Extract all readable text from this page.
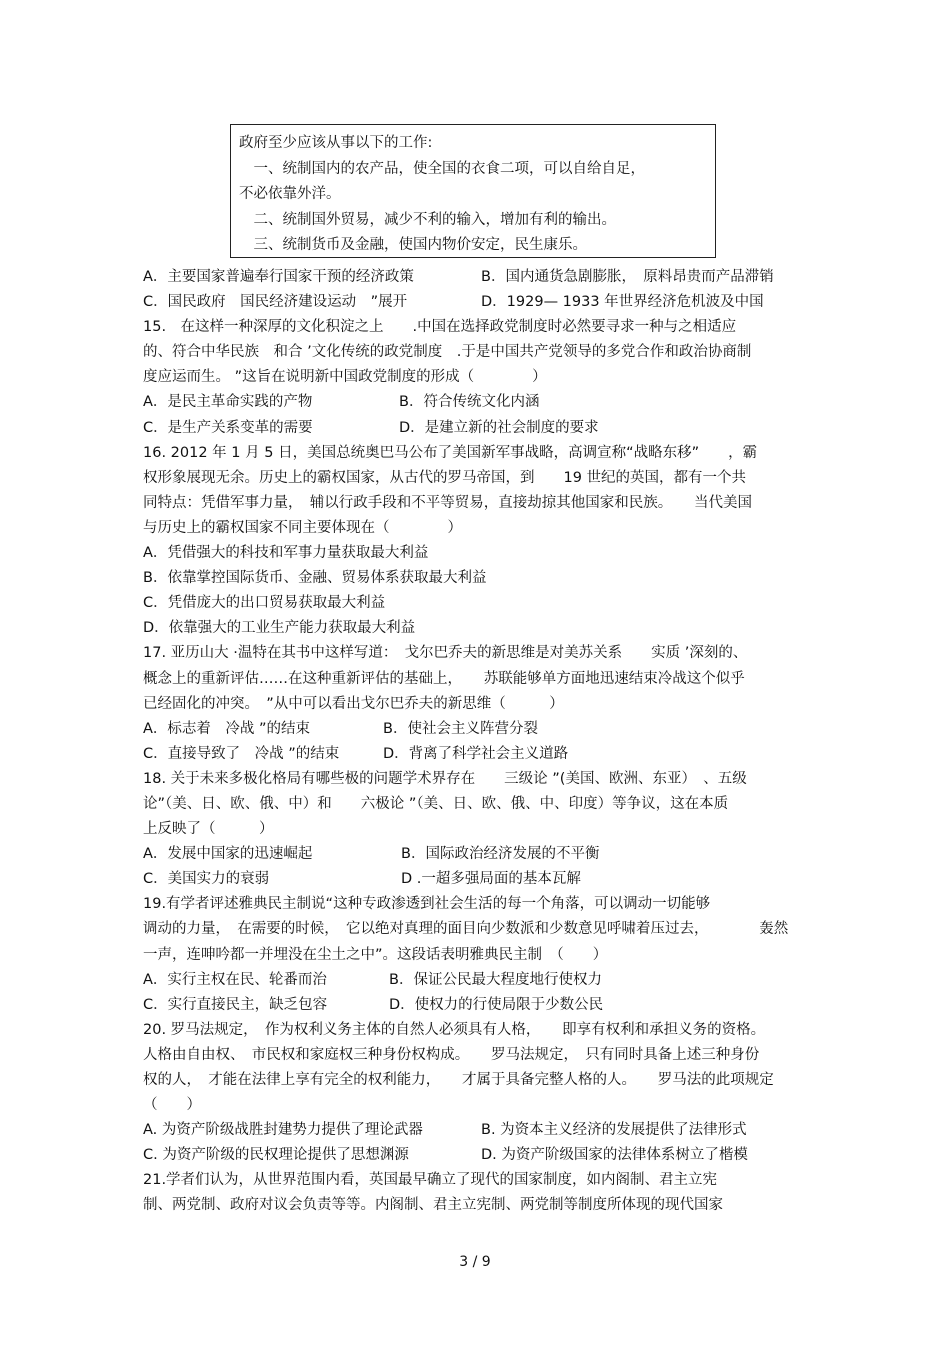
政府至少应该从事以下的工作:
　一、统制国内的农产品，使全国的衣食二项，可以自给自足，
不必依靠外洋。
　二、统制国外贸易，减少不利的输入，增加有利的输出。
　三、统制货币及金融，使国内物价安定，民生康乐。
A．主要国家普遍奉行国家干预的经济政策	B．国内通货急剧膨胀，　原料昂贵而产品滞销
C．国民政府　国民经济建设运动　”展开	D．1929— 1933 年世界经济危机波及中国
15.　在这样一种深厚的文化积淀之上　　.中国在选择政党制度时必然要寻求一种与之相适应
的、符合中华民族　和合 ’文化传统的政党制度　.于是中国共产党领导的多党合作和政治协商制
度应运而生。 ”这旨在说明新中国政党制度的形成（　　　　）
A．是民主革命实践的产物	B．符合传统文化内涵
C．是生产关系变革的需要	D．是建立新的社会制度的要求
16. 2012 年 1 月 5 日，美国总统奥巴马公布了美国新军事战略，高调宣称“战略东移”　　，霸
权形象展现无余。历史上的霸权国家，从古代的罗马帝国，到　　19 世纪的英国，都有一个共
同特点：凭借军事力量，　辅以行政手段和不平等贸易，直接劫掠其他国家和民族。　　当代美国
与历史上的霸权国家不同主要体现在（　　　　）
A．凭借强大的科技和军事力量获取最大利益
B．依靠掌控国际货币、金融、贸易体系获取最大利益
C．凭借庞大的出口贸易获取最大利益
D．依靠强大的工业生产能力获取最大利益
17. 亚历山大 ·温特在其书中这样写道：　戈尔巴乔夫的新思维是对美苏关系　　实质 ’深刻的、
概念上的重新评估……在这种重新评估的基础上，　　苏联能够单方面地迅速结束冷战这个似乎
已经固化的冲突。　”从中可以看出戈尔巴乔夫的新思维（　　　）
A．标志着　冷战 ”的结束	B．使社会主义阵营分裂
C．直接导致了　冷战 ”的结束	D．背离了科学社会主义道路
18. 关于未来多极化格局有哪些极的问题学术界存在　　三级论 ”(美国、欧洲、东亚）　、五级
论”（美、日、欧、俄、中）和　　六极论 ”（美、日、欧、俄、中、印度）等争议，这在本质
上反映了（　　　）
A．发展中国家的迅速崛起	B．国际政治经济发展的不平衡
C．美国实力的衰弱	D .一超多强局面的基本瓦解
19.有学者评述雅典民主制说“这种专政渗透到社会生活的每一个角落，可以调动一切能够
调动的力量，　在需要的时候，　它以绝对真理的面目向少数派和少数意见呼啸着压过去，　　　　轰然
一声，连呻吟都一并埋没在尘土之中”。这段话表明雅典民主制　（　　）
A．实行主权在民、轮番而治	B．保证公民最大程度地行使权力
C．实行直接民主，缺乏包容	D．使权力的行使局限于少数公民
20. 罗马法规定，　作为权利义务主体的自然人必须具有人格，　　即享有权利和承担义务的资格。
人格由自由权、　市民权和家庭权三种身份权构成。　　罗马法规定，　只有同时具备上述三种身份
权的人，　才能在法律上享有完全的权利能力，　　才属于具备完整人格的人。　　罗马法的此项规定
（　　）
A. 为资产阶级战胜封建势力提供了理论武器	B. 为资本主义经济的发展提供了法律形式
C. 为资产阶级的民权理论提供了思想渊源	D. 为资产阶级国家的法律体系树立了楷模
21.学者们认为，从世界范围内看，英国最早确立了现代的国家制度，如内阁制、君主立宪
制、两党制、政府对议会负责等等。内阁制、君主立宪制、两党制等制度所体现的现代国家
3 / 9
